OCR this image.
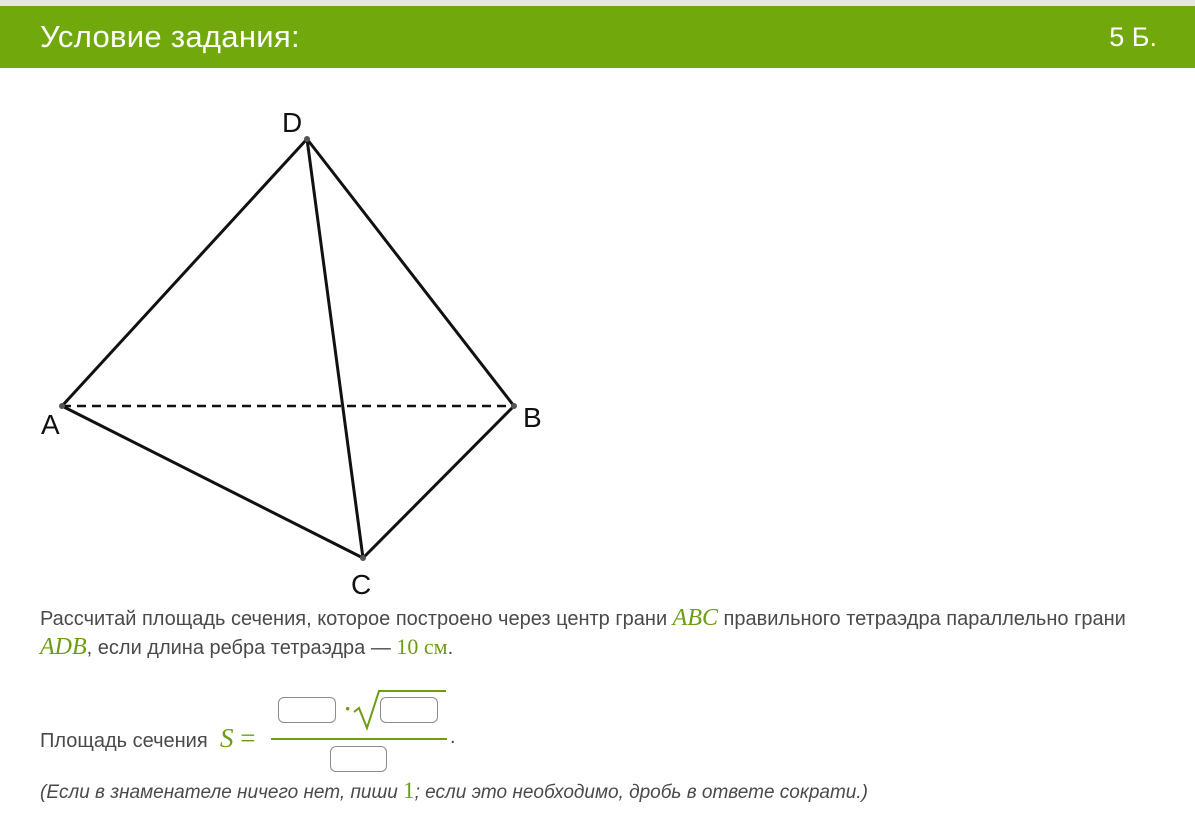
Условие задания:	5 Б.
D
A	B
C
Рассчитай площадь сечения, которое построено через центр грани ABC правильного тетраэдра параллельно грани ADB, если длина ребра тетраэдра — 10 см.
Площадь сечения S =
·
.
(Если в знаменателе ничего нет, пиши 1; если это необходимо, дробь в ответе сократи.)
